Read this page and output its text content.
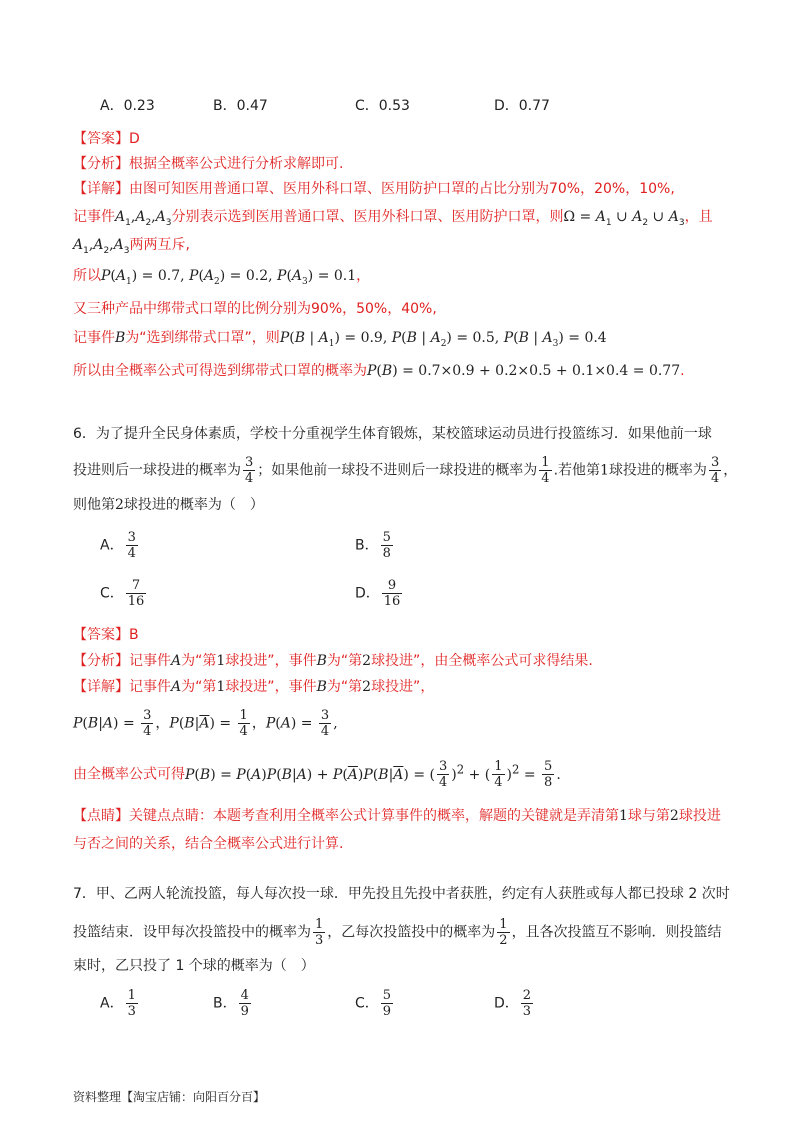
A．0.23	B．0.47	C．0.53	D．0.77
【答案】D
【分析】根据全概率公式进行分析求解即可.
【详解】由图可知医用普通口罩、医用外科口罩、医用防护口罩的占比分别为70%，20%，10%,
记事件$A_1,A_2,A_3$分别表示选到医用普通口罩、医用外科口罩、医用防护口罩，则$\Omega = A_1$ ∪ $A_2$ ∪ $A_3$，且
$A_1,A_2,A_3$两两互斥,
所以$P(A_1) = 0.7$, $P(A_2) = 0.2$, $P(A_3) = 0.1$，
又三种产品中绑带式口罩的比例分别为90%，50%，40%,
记事件B为“选到绑带式口罩”，则P(B | $A_1) = 0.9$, P(B | $A_2) = 0.5$, P(B | $A_3) = 0.4$
所以由全概率公式可得选到绑带式口罩的概率为P(B) = 0.7×0.9 + 0.2×0.5 + 0.1×0.4 = 0.77.
6．为了提升全民身体素质，学校十分重视学生体育锻炼，某校篮球运动员进行投篮练习．如果他前一球
投进则后一球投进的概率为 $\frac{3}{4}$ ；如果他前一球投不进则后一球投进的概率为 $\frac{1}{4}$ .若他第1球投进的概率为 $\frac{3}{4}$ ，
则他第2球投进的概率为（　）
A． $\frac{3}{4}$	B． $\frac{5}{8}$
C． $\frac{7}{16}$	D． $\frac{9}{16}$
【答案】B
【分析】记事件A为“第1球投进”，事件B为“第2球投进”，由全概率公式可求得结果.
【详解】记事件A为“第1球投进”，事件B为“第2球投进”，
$P(B|A) = \frac{3}{4}$ ，$P(B|\overline{A}) = \frac{1}{4}$ ，$P(A) = \frac{3}{4}$ ,
由全概率公式可得$P(B) = P(A)P(B|A) + P(\overline{A})P(B|\overline{A})$ = ( $\frac{3}{4} )^2$ + ( $\frac{1}{4} )^2 = \frac{5}{8}$ .
【点睛】关键点点睛：本题考查利用全概率公式计算事件的概率，解题的关键就是弄清第1球与第2球投进
与否之间的关系，结合全概率公式进行计算.
7．甲、乙两人轮流投篮，每人每次投一球．甲先投且先投中者获胜，约定有人获胜或每人都已投球 2 次时
投篮结束．设甲每次投篮投中的概率为 $\frac{1}{3}$ ，乙每次投篮投中的概率为 $\frac{1}{2}$ ，且各次投篮互不影响．则投篮结
束时，乙只投了 1 个球的概率为（　）
A． $\frac{1}{3}$	B． $\frac{4}{9}$	C． $\frac{5}{9}$	D． $\frac{2}{3}$
资料整理【淘宝店铺：向阳百分百】
